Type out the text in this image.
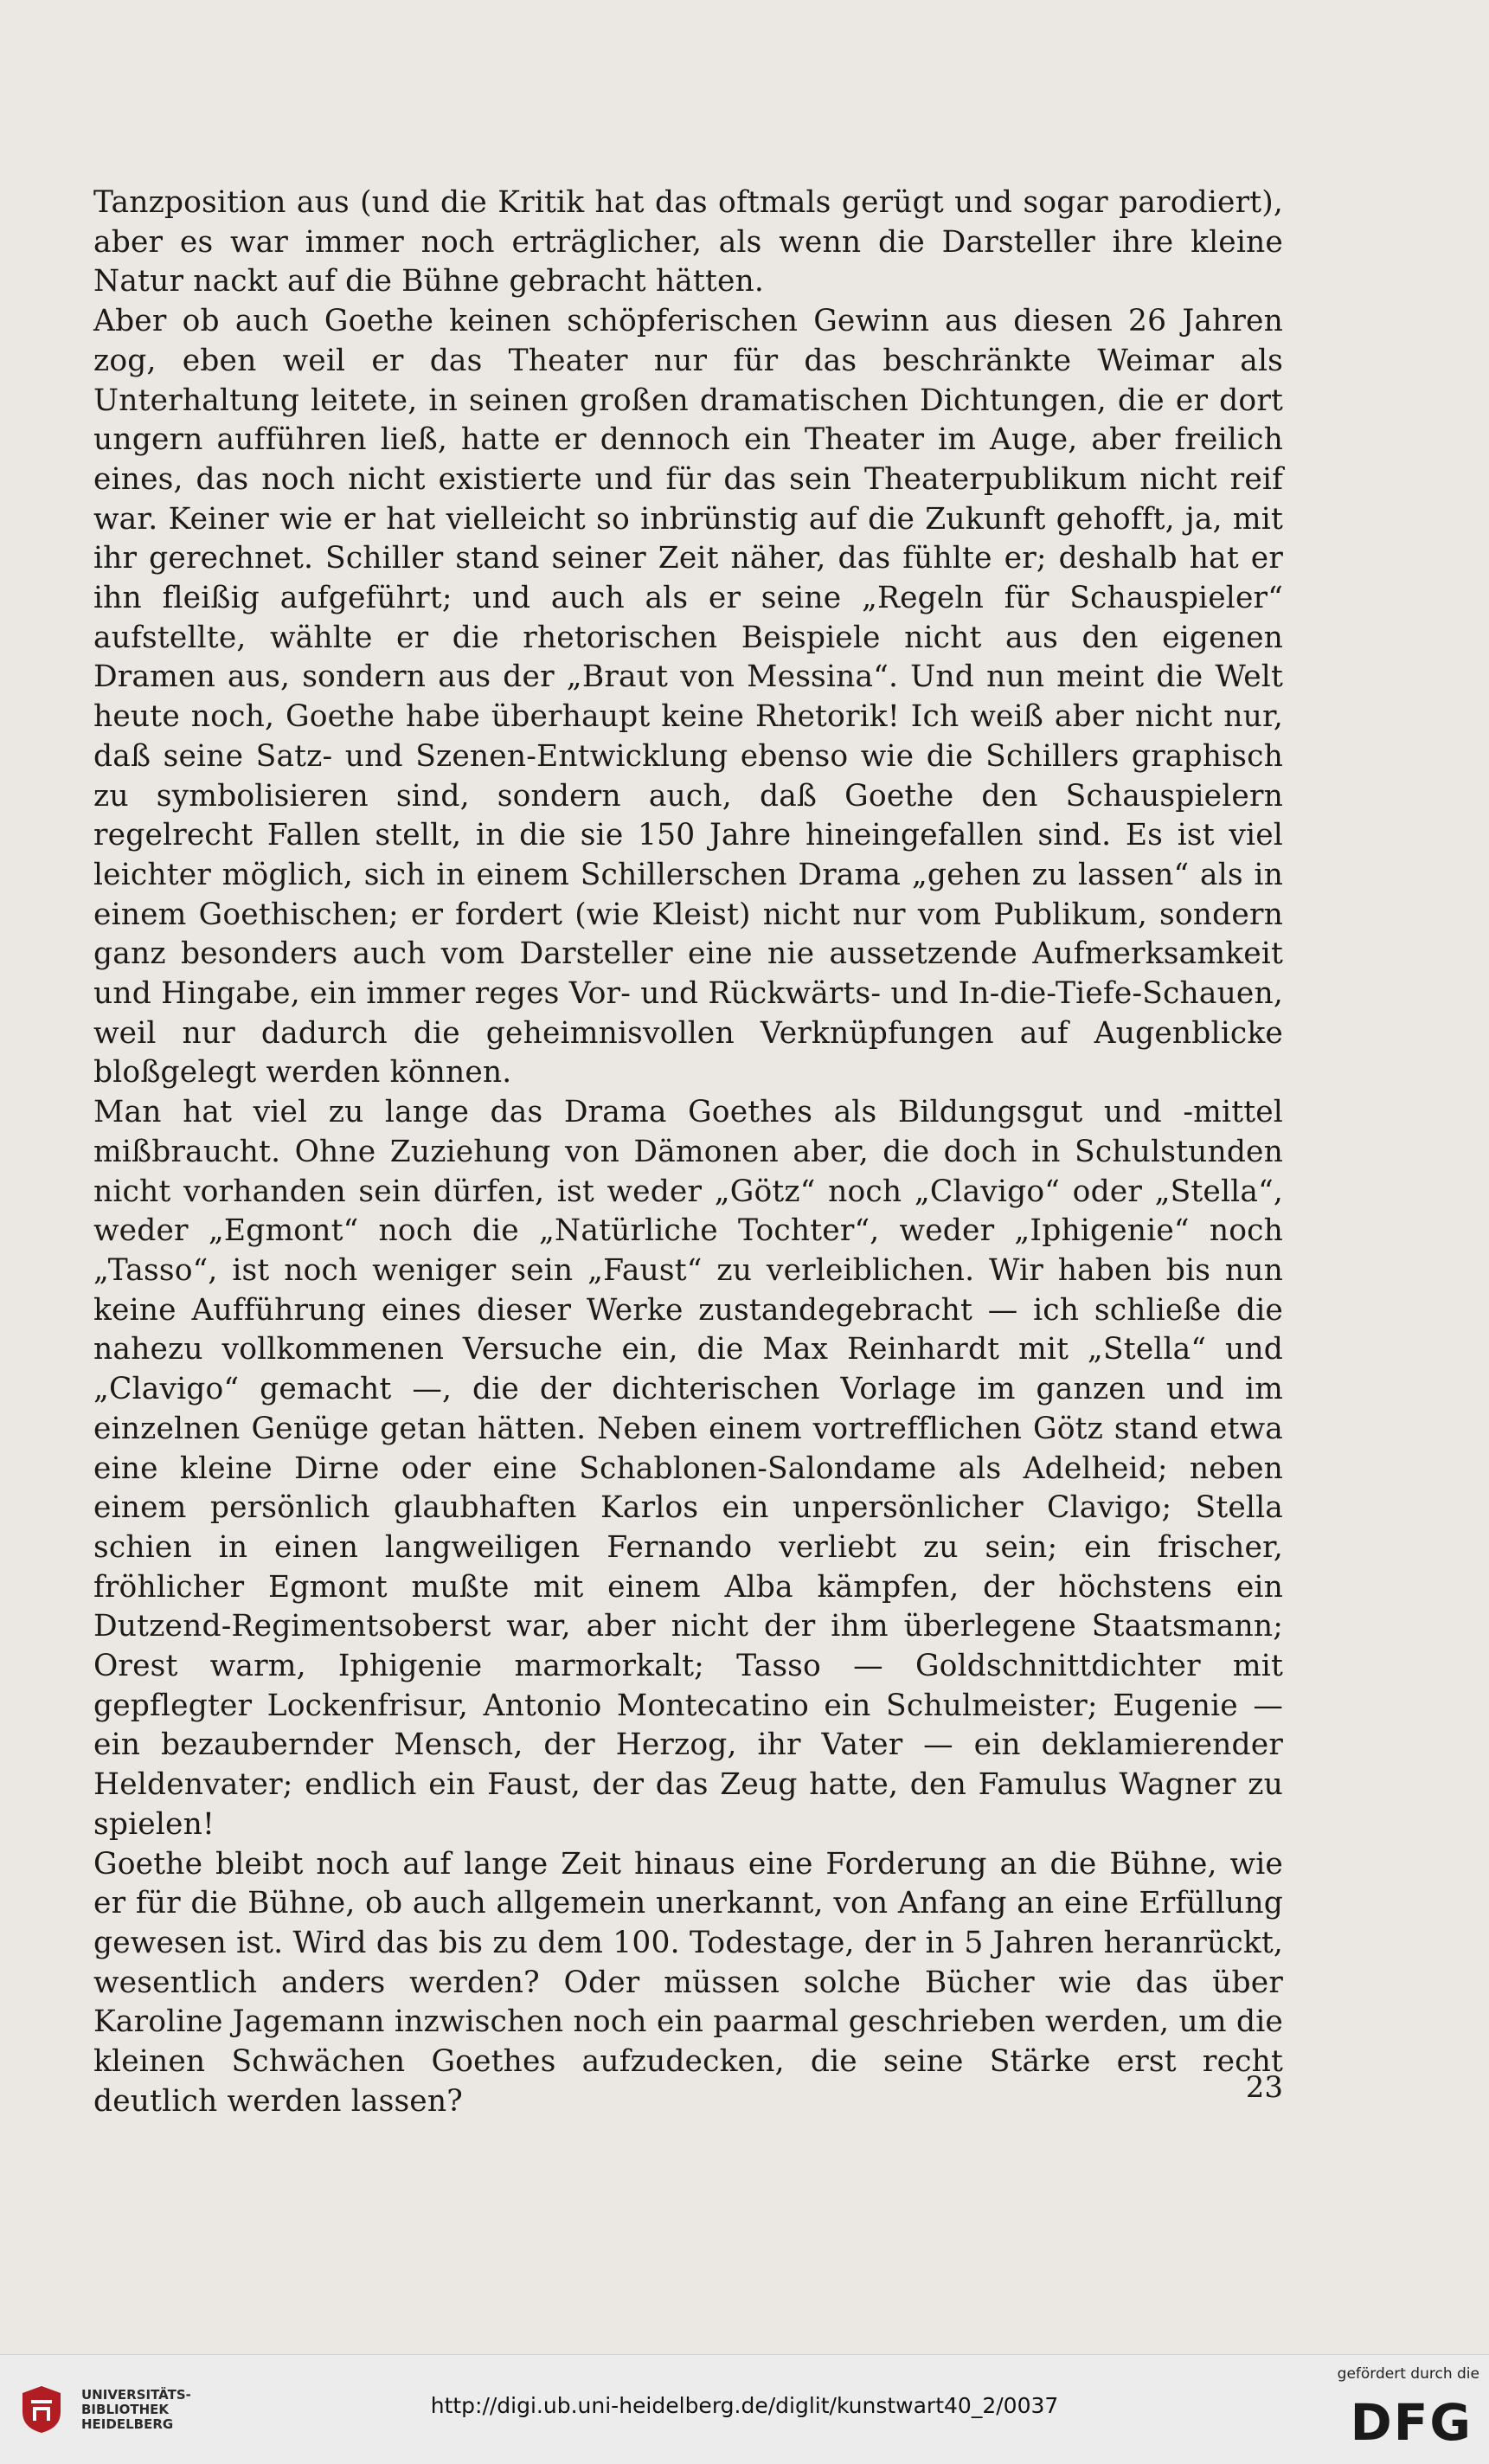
Tanzposition aus (und die Kritik hat das oftmals gerügt und sogar parodiert), aber es war immer noch erträglicher, als wenn die Darsteller ihre kleine Natur nackt auf die Bühne gebracht hätten.

Aber ob auch Goethe keinen schöpferischen Gewinn aus diesen 26 Jahren zog, eben weil er das Theater nur für das beschränkte Weimar als Unterhaltung leitete, in seinen großen dramatischen Dichtungen, die er dort ungern aufführen ließ, hatte er dennoch ein Theater im Auge, aber freilich eines, das noch nicht existierte und für das sein Theaterpublikum nicht reif war. Keiner wie er hat vielleicht so inbrünstig auf die Zukunft gehofft, ja, mit ihr gerechnet. Schiller stand seiner Zeit näher, das fühlte er; deshalb hat er ihn fleißig aufgeführt; und auch als er seine „Regeln für Schauspieler“ aufstellte, wählte er die rhetorischen Beispiele nicht aus den eigenen Dramen aus, sondern aus der „Braut von Messina“. Und nun meint die Welt heute noch, Goethe habe überhaupt keine Rhetorik! Ich weiß aber nicht nur, daß seine Satz- und Szenen-Entwicklung ebenso wie die Schillers graphisch zu symbolisieren sind, sondern auch, daß Goethe den Schauspielern regelrecht Fallen stellt, in die sie 150 Jahre hineingefallen sind. Es ist viel leichter möglich, sich in einem Schillerschen Drama „gehen zu lassen“ als in einem Goethischen; er fordert (wie Kleist) nicht nur vom Publikum, sondern ganz besonders auch vom Darsteller eine nie aussetzende Aufmerksamkeit und Hingabe, ein immer reges Vor- und Rückwärts- und In-die-Tiefe-Schauen, weil nur dadurch die geheimnisvollen Verknüpfungen auf Augenblicke bloßgelegt werden können.

Man hat viel zu lange das Drama Goethes als Bildungsgut und -mittel mißbraucht. Ohne Zuziehung von Dämonen aber, die doch in Schulstunden nicht vorhanden sein dürfen, ist weder „Götz“ noch „Clavigo“ oder „Stella“, weder „Egmont“ noch die „Natürliche Tochter“, weder „Iphigenie“ noch „Tasso“, ist noch weniger sein „Faust“ zu verleiblichen. Wir haben bis nun keine Aufführung eines dieser Werke zustandegebracht — ich schließe die nahezu vollkommenen Versuche ein, die Max Reinhardt mit „Stella“ und „Clavigo“ gemacht —, die der dichterischen Vorlage im ganzen und im einzelnen Genüge getan hätten. Neben einem vortrefflichen Götz stand etwa eine kleine Dirne oder eine Schablonen-Salondame als Adelheid; neben einem persönlich glaubhaften Karlos ein unpersönlicher Clavigo; Stella schien in einen langweiligen Fernando verliebt zu sein; ein frischer, fröhlicher Egmont mußte mit einem Alba kämpfen, der höchstens ein Dutzend-Regimentsoberst war, aber nicht der ihm überlegene Staatsmann; Orest warm, Iphigenie marmorkalt; Tasso — Goldschnittdichter mit gepflegter Lockenfrisur, Antonio Montecatino ein Schulmeister; Eugenie — ein bezaubernder Mensch, der Herzog, ihr Vater — ein deklamierender Heldenvater; endlich ein Faust, der das Zeug hatte, den Famulus Wagner zu spielen!

Goethe bleibt noch auf lange Zeit hinaus eine Forderung an die Bühne, wie er für die Bühne, ob auch allgemein unerkannt, von Anfang an eine Erfüllung gewesen ist. Wird das bis zu dem 100. Todestage, der in 5 Jahren heranrückt, wesentlich anders werden? Oder müssen solche Bücher wie das über Karoline Jagemann inzwischen noch ein paarmal geschrieben werden, um die kleinen Schwächen Goethes aufzudecken, die seine Stärke erst recht deutlich werden lassen?	23
UNIVERSITÄTS-
BIBLIOTHEK
HEIDELBERG
http://digi.ub.uni-heidelberg.de/diglit/kunstwart40_2/0037
gefördert durch die
DFG
